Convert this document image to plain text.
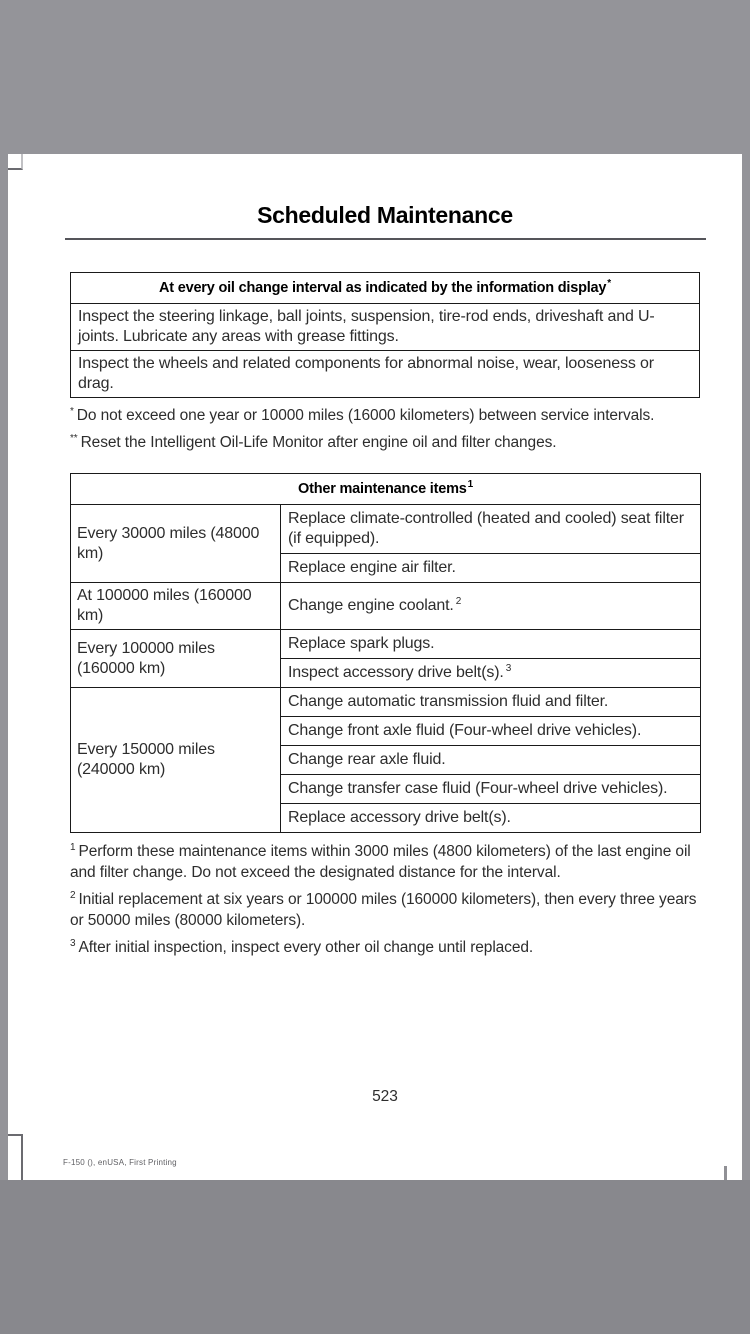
Scheduled Maintenance
At every oil change interval as indicated by the information display*
Inspect the steering linkage, ball joints, suspension, tire-rod ends, driveshaft and U-joints. Lubricate any areas with grease fittings.
Inspect the wheels and related components for abnormal noise, wear, looseness or drag.

* Do not exceed one year or 10000 miles (16000 kilometers) between service intervals.

** Reset the Intelligent Oil-Life Monitor after engine oil and filter changes.

Other maintenance items$^1$
Every 30000 miles (48000 km)	Replace climate-controlled (heated and cooled) seat filter (if equipped).
	Replace engine air filter.
At 100000 miles (160000 km)	Change engine coolant. $^2$
Every 100000 miles (160000 km)	Replace spark plugs.
	Inspect accessory drive belt(s). $^3$
Every 150000 miles (240000 km)	Change automatic transmission fluid and filter.
	Change front axle fluid (Four-wheel drive vehicles).
	Change rear axle fluid.
	Change transfer case fluid (Four-wheel drive vehicles).
	Replace accessory drive belt(s).

$^1$ Perform these maintenance items within 3000 miles (4800 kilometers) of the last engine oil and filter change. Do not exceed the designated distance for the interval.

$^2$ Initial replacement at six years or 100000 miles (160000 kilometers), then every three years or 50000 miles (80000 kilometers).

$^3$ After initial inspection, inspect every other oil change until replaced.

523
F-150 (), enUSA, First Printing
